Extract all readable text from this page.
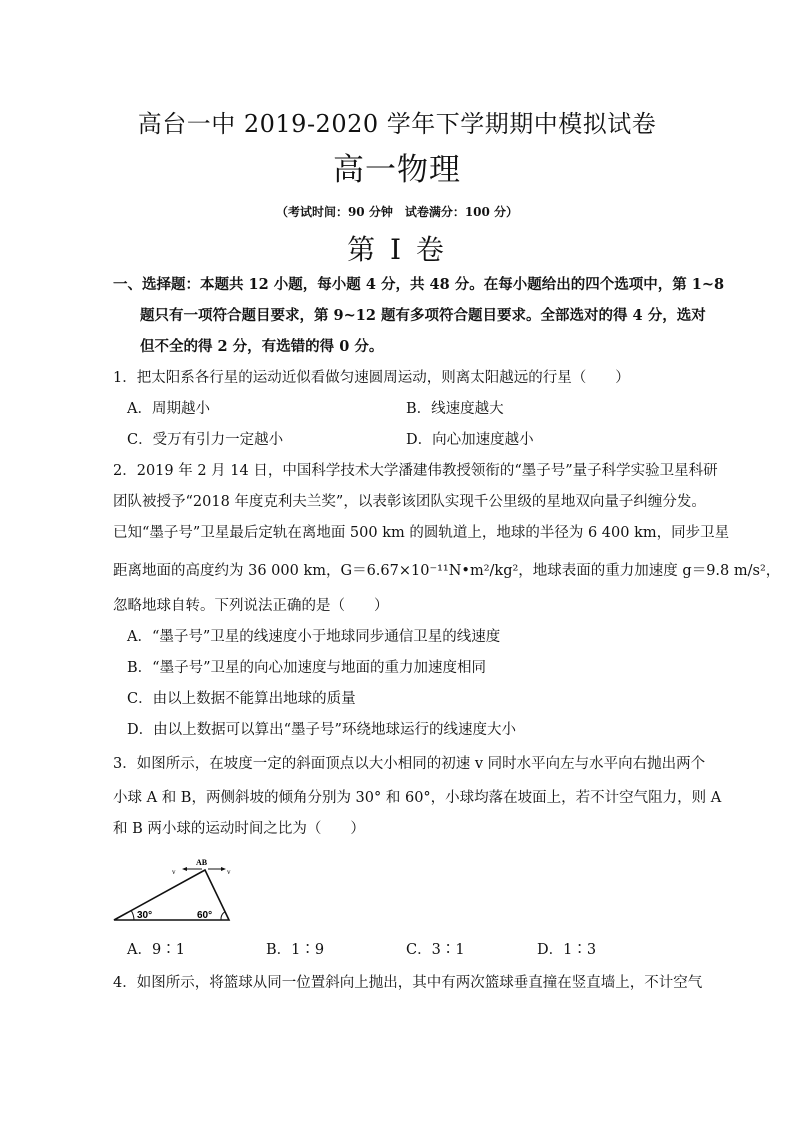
高台一中 2019-2020 学年下学期期中模拟试卷
高一物理
（考试时间：90 分钟　试卷满分：100 分）
第 I 卷
一、选择题：本题共 12 小题，每小题 4 分，共 48 分。在每小题给出的四个选项中，第 1~8
题只有一项符合题目要求，第 9~12 题有多项符合题目要求。全部选对的得 4 分，选对
但不全的得 2 分，有选错的得 0 分。
1．把太阳系各行星的运动近似看做匀速圆周运动，则离太阳越远的行星（　　）
A．周期越小	B．线速度越大
C．受万有引力一定越小	D．向心加速度越小
2．2019 年 2 月 14 日，中国科学技术大学潘建伟教授领衔的“墨子号”量子科学实验卫星科研
团队被授予“2018 年度克利夫兰奖”，以表彰该团队实现千公里级的星地双向量子纠缠分发。
已知“墨子号”卫星最后定轨在离地面 500 km 的圆轨道上，地球的半径为 6 400 km，同步卫星
距离地面的高度约为 36 000 km，G＝6.67×10⁻¹¹N•m²/kg²，地球表面的重力加速度 g＝9.8 m/s²，
忽略地球自转。下列说法正确的是（　　）
A．“墨子号”卫星的线速度小于地球同步通信卫星的线速度
B．“墨子号”卫星的向心加速度与地面的重力加速度相同
C．由以上数据不能算出地球的质量
D．由以上数据可以算出“墨子号”环绕地球运行的线速度大小
3．如图所示，在坡度一定的斜面顶点以大小相同的初速 v 同时水平向左与水平向右抛出两个
小球 A 和 B，两侧斜坡的倾角分别为 30° 和 60°，小球均落在坡面上，若不计空气阻力，则 A
和 B 两小球的运动时间之比为（　　）
AB
v	v
30°	60°
A．9∶1	B．1∶9	C．3∶1	D．1∶3
4．如图所示，将篮球从同一位置斜向上抛出，其中有两次篮球垂直撞在竖直墙上，不计空气
